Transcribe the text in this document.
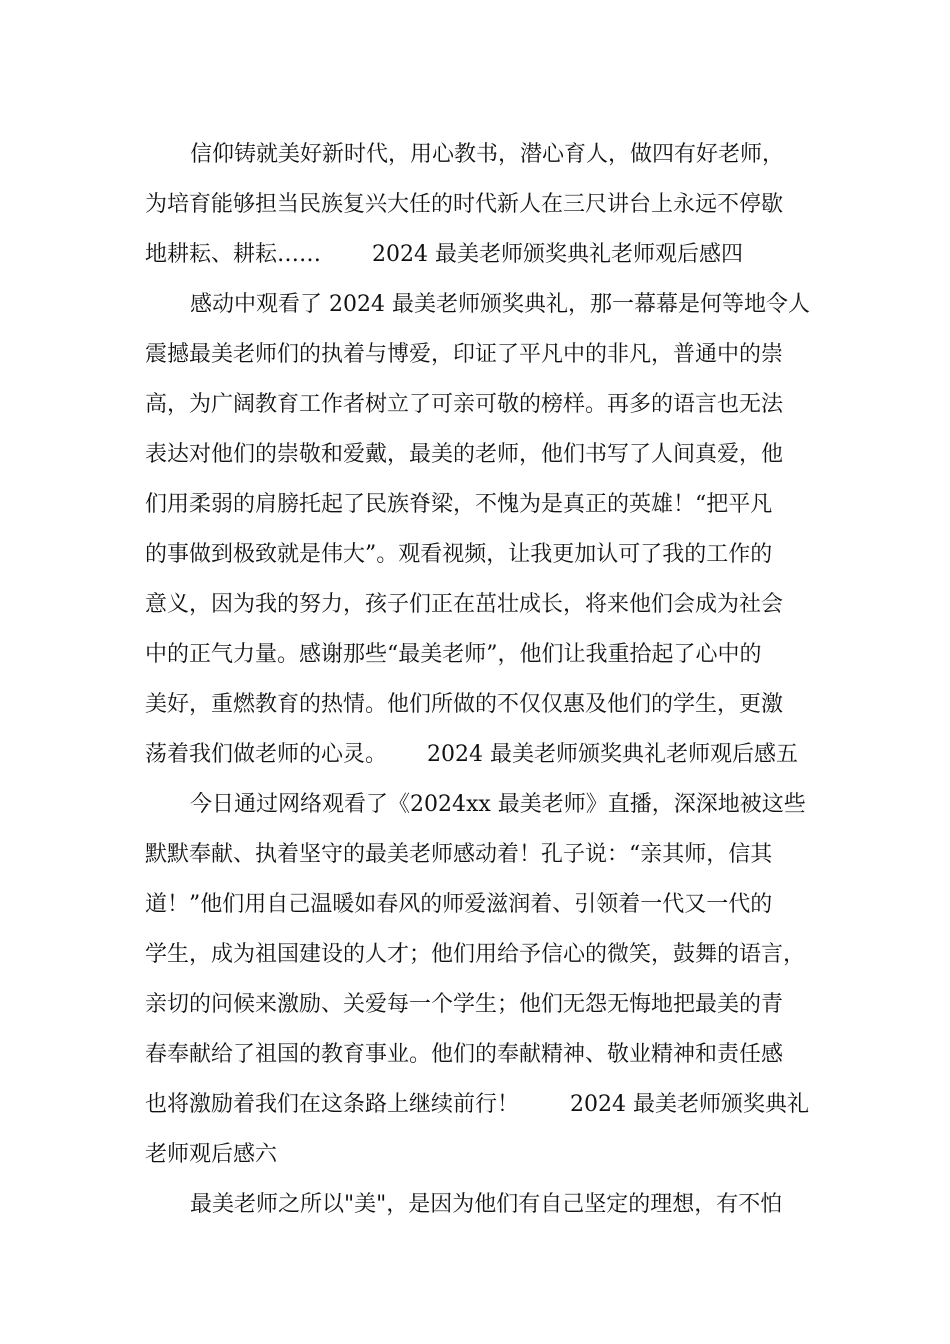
信仰铸就美好新时代，用心教书，潜心育人，做四有好老师，
为培育能够担当民族复兴大任的时代新人在三尺讲台上永远不停歇
地耕耘、耕耘……　　 2024 最美老师颁奖典礼老师观后感四
感动中观看了 2024 最美老师颁奖典礼，那一幕幕是何等地令人
震撼最美老师们的执着与博爱，印证了平凡中的非凡，普通中的崇
高，为广阔教育工作者树立了可亲可敬的榜样。再多的语言也无法
表达对他们的崇敬和爱戴，最美的老师，他们书写了人间真爱，他
们用柔弱的肩膀托起了民族脊梁，不愧为是真正的英雄！“把平凡
的事做到极致就是伟大”。观看视频，让我更加认可了我的工作的
意义，因为我的努力，孩子们正在茁壮成长，将来他们会成为社会
中的正气力量。感谢那些“最美老师”，他们让我重拾起了心中的
美好，重燃教育的热情。他们所做的不仅仅惠及他们的学生，更激
荡着我们做老师的心灵。　　 2024 最美老师颁奖典礼老师观后感五
今日通过网络观看了《2024xx 最美老师》直播，深深地被这些
默默奉献、执着坚守的最美老师感动着！孔子说：“亲其师，信其
道！”他们用自己温暖如春风的师爱滋润着、引领着一代又一代的
学生，成为祖国建设的人才；他们用给予信心的微笑，鼓舞的语言，
亲切的问候来激励、关爱每一个学生；他们无怨无悔地把最美的青
春奉献给了祖国的教育事业。他们的奉献精神、敬业精神和责任感
也将激励着我们在这条路上继续前行！　　 2024 最美老师颁奖典礼
老师观后感六
最美老师之所以"美"，是因为他们有自己坚定的理想，有不怕
